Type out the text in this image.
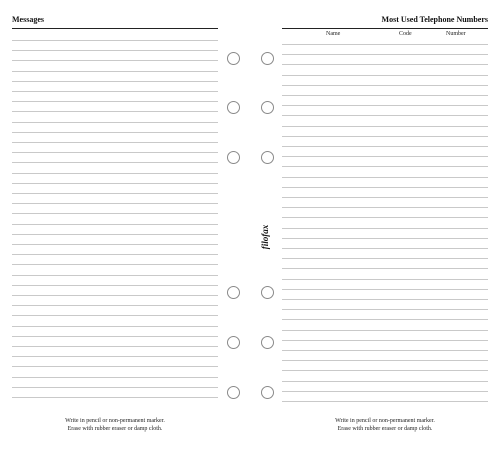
Messages
Write in pencil or non-permanent marker.
Erase with rubber eraser or damp cloth.
Most Used Telephone Numbers
Name	Code	Number
Write in pencil or non-permanent marker.
Erase with rubber eraser or damp cloth.
filofax
